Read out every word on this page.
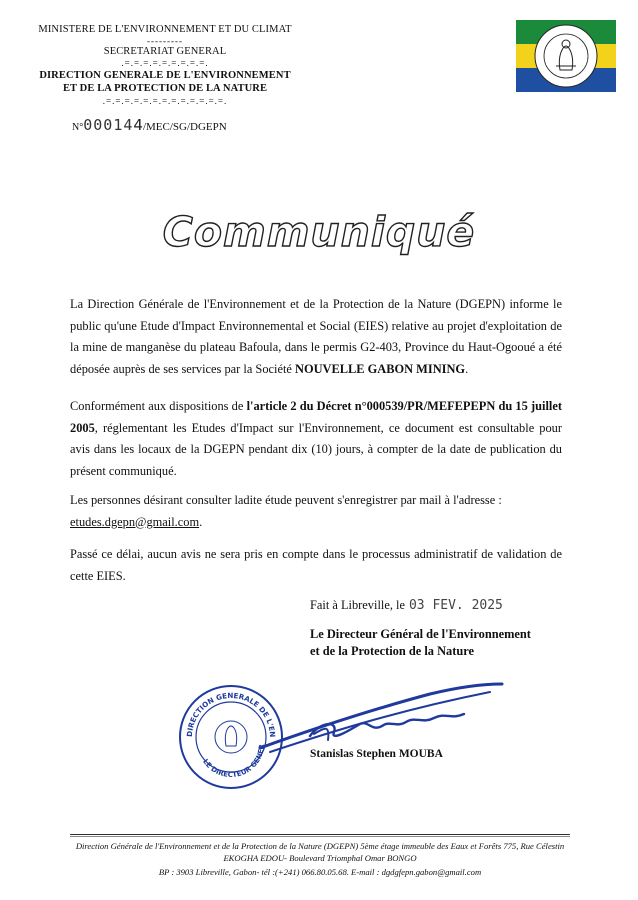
MINISTERE DE L'ENVIRONNEMENT ET DU CLIMAT
---------
SECRETARIAT GENERAL
.=.=.=.=.=.=.=.=.=.
DIRECTION GENERALE DE L'ENVIRONNEMENT
ET DE LA PROTECTION DE LA NATURE
.=.=.=.=.=.=.=.=.=.=.=.=.=.
N°000144/MEC/SG/DGEPN
Communiqué
La Direction Générale de l'Environnement et de la Protection de la Nature (DGEPN) informe le public qu'une Etude d'Impact Environnemental et Social (EIES) relative au projet d'exploitation de la mine de manganèse du plateau Bafoula, dans le permis G2-403, Province du Haut-Ogooué a été déposée auprès de ses services par la Société NOUVELLE GABON MINING.
Conformément aux dispositions de l'article 2 du Décret n°000539/PR/MEFEPEPN du 15 juillet 2005, réglementant les Etudes d'Impact sur l'Environnement, ce document est consultable pour avis dans les locaux de la DGEPN pendant dix (10) jours, à compter de la date de publication du présent communiqué.
Les personnes désirant consulter ladite étude peuvent s'enregistrer par mail à l'adresse :
etudes.dgepn@gmail.com.
Passé ce délai, aucun avis ne sera pris en compte dans le processus administratif de validation de cette EIES.
Fait à Libreville, le 03 FEV. 2025
Le Directeur Général de l'Environnement
et de la Protection de la Nature
DIRECTION GENERALE DE L'EN
LE DIRECTEUR GENER
Stanislas Stephen MOUBA
Direction Générale de l'Environnement et de la Protection de la Nature (DGEPN) 5ème étage immeuble des Eaux et Forêts 775, Rue Célestin
EKOGHA EDOU- Boulevard Triomphal Omar BONGO
BP : 3903 Libreville, Gabon- tél :(+241) 066.80.05.68. E-mail : dgdgfepn.gabon@gmail.com
